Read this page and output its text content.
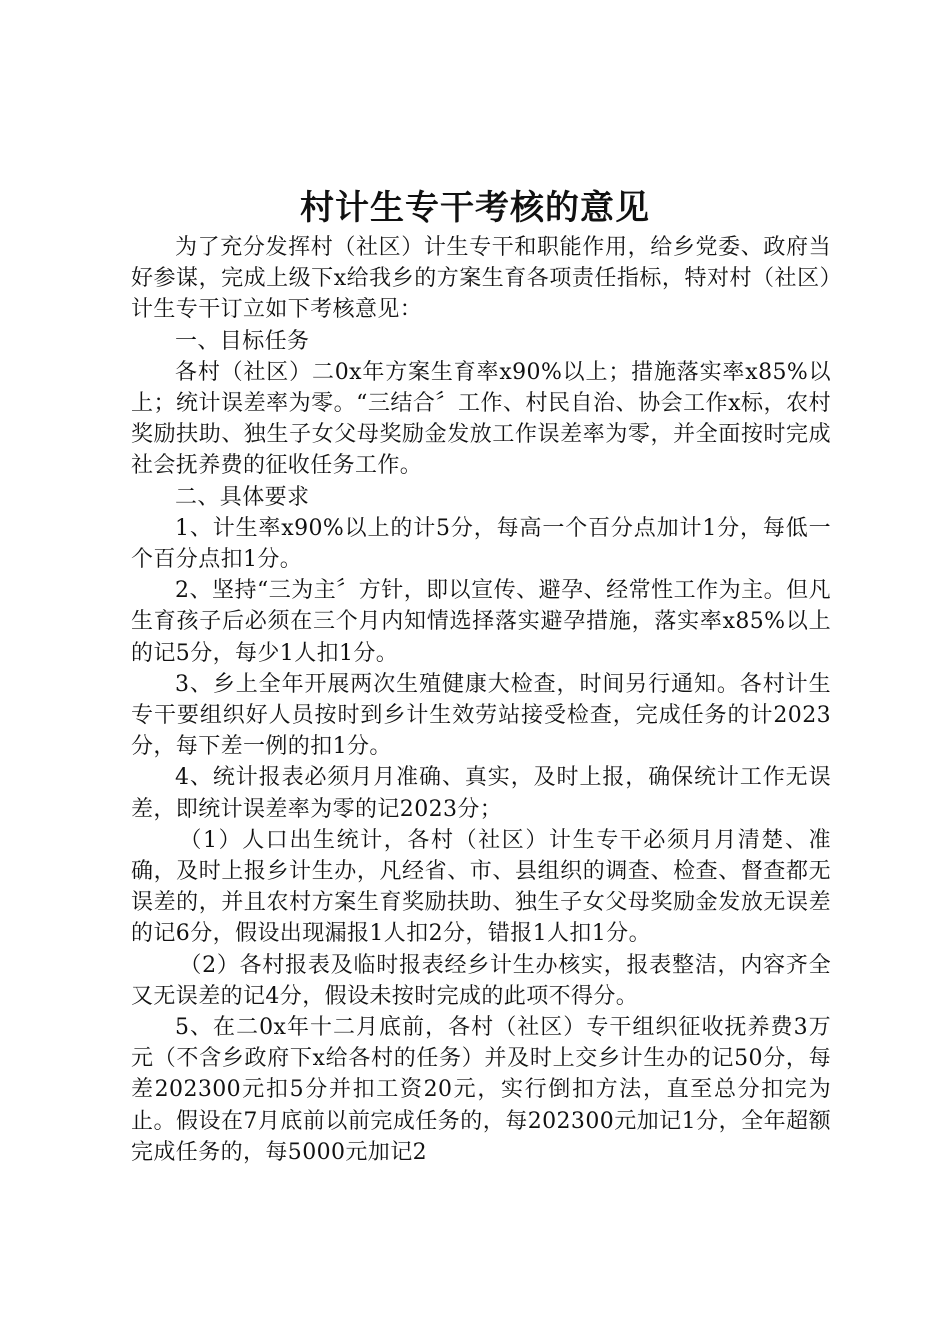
村计生专干考核的意见

为了充分发挥村（社区）计生专干和职能作用，给乡党委、政府当好参谋，完成上级下x给我乡的方案生育各项责任指标，特对村（社区）计生专干订立如下考核意见：

一、目标任务

各村（社区）二0x年方案生育率x90%以上；措施落实率x85%以上；统计误差率为零。“三结合〞工作、村民自治、协会工作x标，农村奖励扶助、独生子女父母奖励金发放工作误差率为零，并全面按时完成社会抚养费的征收任务工作。

二、具体要求

1、计生率x90%以上的计5分，每高一个百分点加计1分，每低一个百分点扣1分。

2、坚持“三为主〞方针，即以宣传、避孕、经常性工作为主。但凡生育孩子后必须在三个月内知情选择落实避孕措施，落实率x85%以上的记5分，每少1人扣1分。

3、乡上全年开展两次生殖健康大检查，时间另行通知。各村计生专干要组织好人员按时到乡计生效劳站接受检查，完成任务的计2023分，每下差一例的扣1分。

4、统计报表必须月月准确、真实，及时上报，确保统计工作无误差，即统计误差率为零的记2023分；

（1）人口出生统计，各村（社区）计生专干必须月月清楚、准确，及时上报乡计生办，凡经省、市、县组织的调查、检查、督查都无误差的，并且农村方案生育奖励扶助、独生子女父母奖励金发放无误差的记6分，假设出现漏报1人扣2分，错报1人扣1分。

（2）各村报表及临时报表经乡计生办核实，报表整洁，内容齐全又无误差的记4分，假设未按时完成的此项不得分。

5、在二0x年十二月底前，各村（社区）专干组织征收抚养费3万元（不含乡政府下x给各村的任务）并及时上交乡计生办的记50分，每差202300元扣5分并扣工资20元，实行倒扣方法，直至总分扣完为止。假设在7月底前以前完成任务的，每202300元加记1分，全年超额完成任务的，每5000元加记2
